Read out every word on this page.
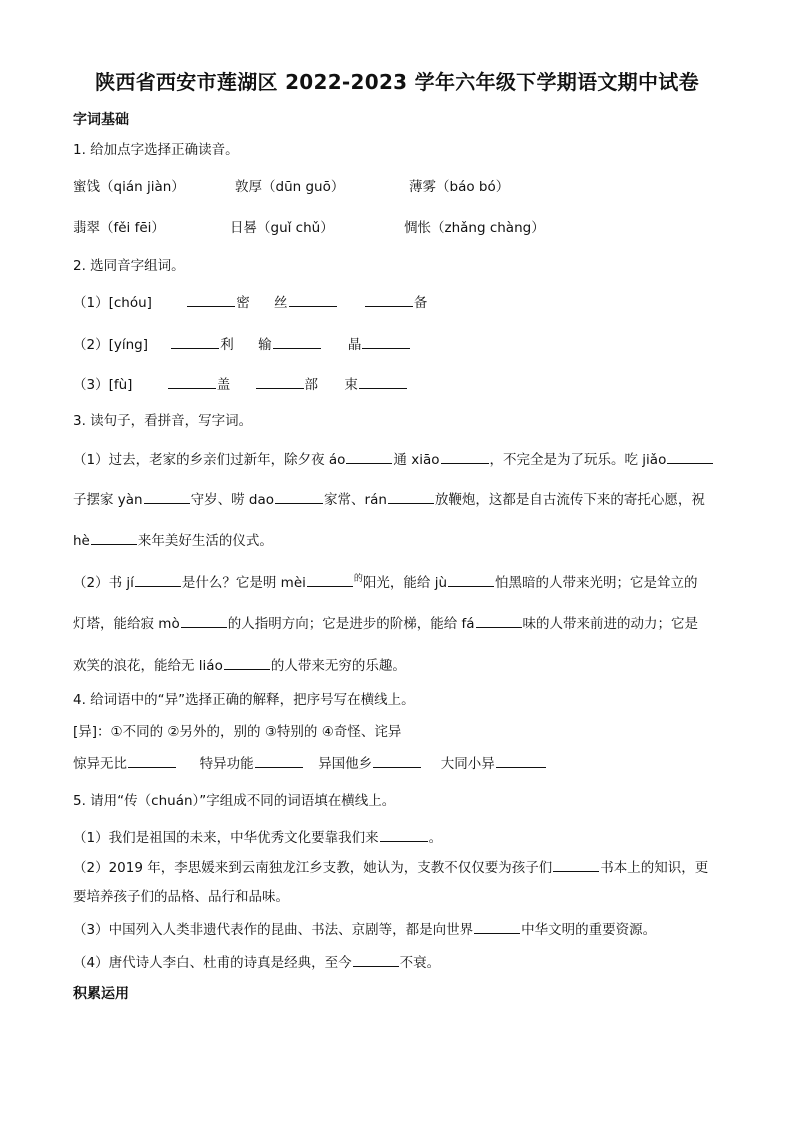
陕西省西安市莲湖区 2022-2023 学年六年级下学期语文期中试卷
字词基础
1. 给加点字选择正确读音。
蜜饯（qián jiàn）	敦厚（dūn guō）	薄雾（báo bó）
翡翠（fěi fēi）	日晷（guǐ chǔ）	惆怅（zhǎng chàng）
2. 选同音字组词。
（1）[chóu]	密 丝	备
（2）[yíng]	利 输	晶
（3）[fù]	盖	部 束
3. 读句子，看拼音，写字词。
（1）过去，老家的乡亲们过新年，除夕夜 áo	通 xiāo	，不完全是为了玩乐。吃 jiǎo
子摆家 yàn	守岁、唠 dao	家常、rán	放鞭炮，这都是自古流传下来的寄托心愿，祝
hè	来年美好生活的仪式。
（2）书 jí	是什么？它是明 mèi	$^的$阳光，能给 jù	怕黑暗的人带来光明；它是耸立的
灯塔，能给寂 mò	的人指明方向；它是进步的阶梯，能给 fá	味的人带来前进的动力；它是
欢笑的浪花，能给无 liáo	的人带来无穷的乐趣。
4. 给词语中的“异”选择正确的解释，把序号写在横线上。
[异]：①不同的 ②另外的，别的 ③特别的 ④奇怪、诧异
惊异无比	特异功能	异国他乡	大同小异
5. 请用“传（chuán）”字组成不同的词语填在横线上。
（1）我们是祖国的未来，中华优秀文化要靠我们来	。
（2）2019 年，李思媛来到云南独龙江乡支教，她认为，支教不仅仅要为孩子们	书本上的知识，更
要培养孩子们的品格、品行和品味。
（3）中国列入人类非遗代表作的昆曲、书法、京剧等，都是向世界	中华文明的重要资源。
（4）唐代诗人李白、杜甫的诗真是经典，至今	不衰。
积累运用
